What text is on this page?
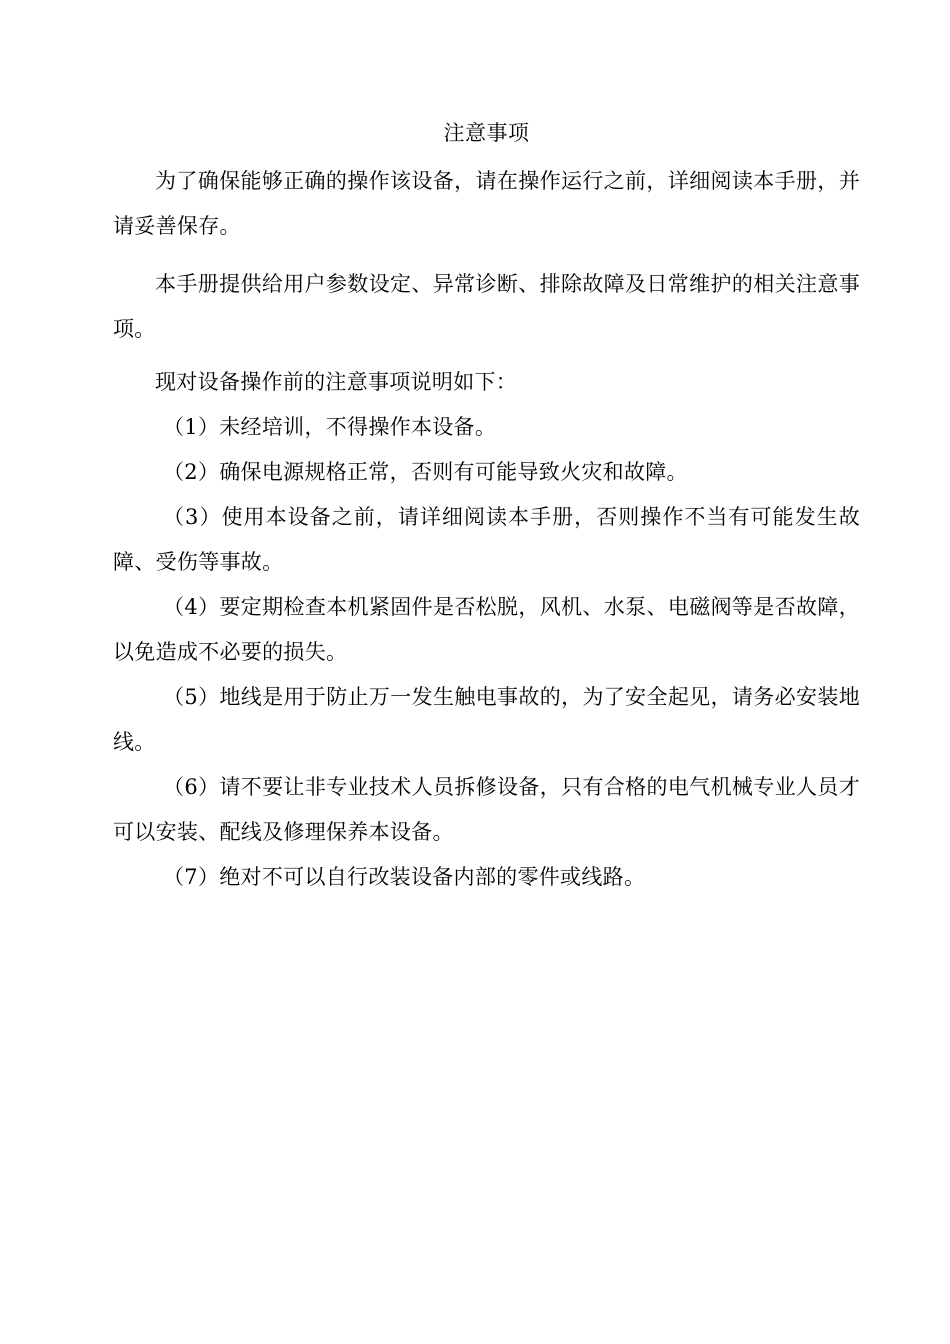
注意事项

为了确保能够正确的操作该设备，请在操作运行之前，详细阅读本手册，并请妥善保存。

本手册提供给用户参数设定、异常诊断、排除故障及日常维护的相关注意事项。

现对设备操作前的注意事项说明如下：

（1）未经培训，不得操作本设备。

（2）确保电源规格正常，否则有可能导致火灾和故障。

（3）使用本设备之前，请详细阅读本手册，否则操作不当有可能发生故障、受伤等事故。

（4）要定期检查本机紧固件是否松脱，风机、水泵、电磁阀等是否故障，以免造成不必要的损失。

（5）地线是用于防止万一发生触电事故的，为了安全起见，请务必安装地线。

（6）请不要让非专业技术人员拆修设备，只有合格的电气机械专业人员才可以安装、配线及修理保养本设备。

（7）绝对不可以自行改装设备内部的零件或线路。
